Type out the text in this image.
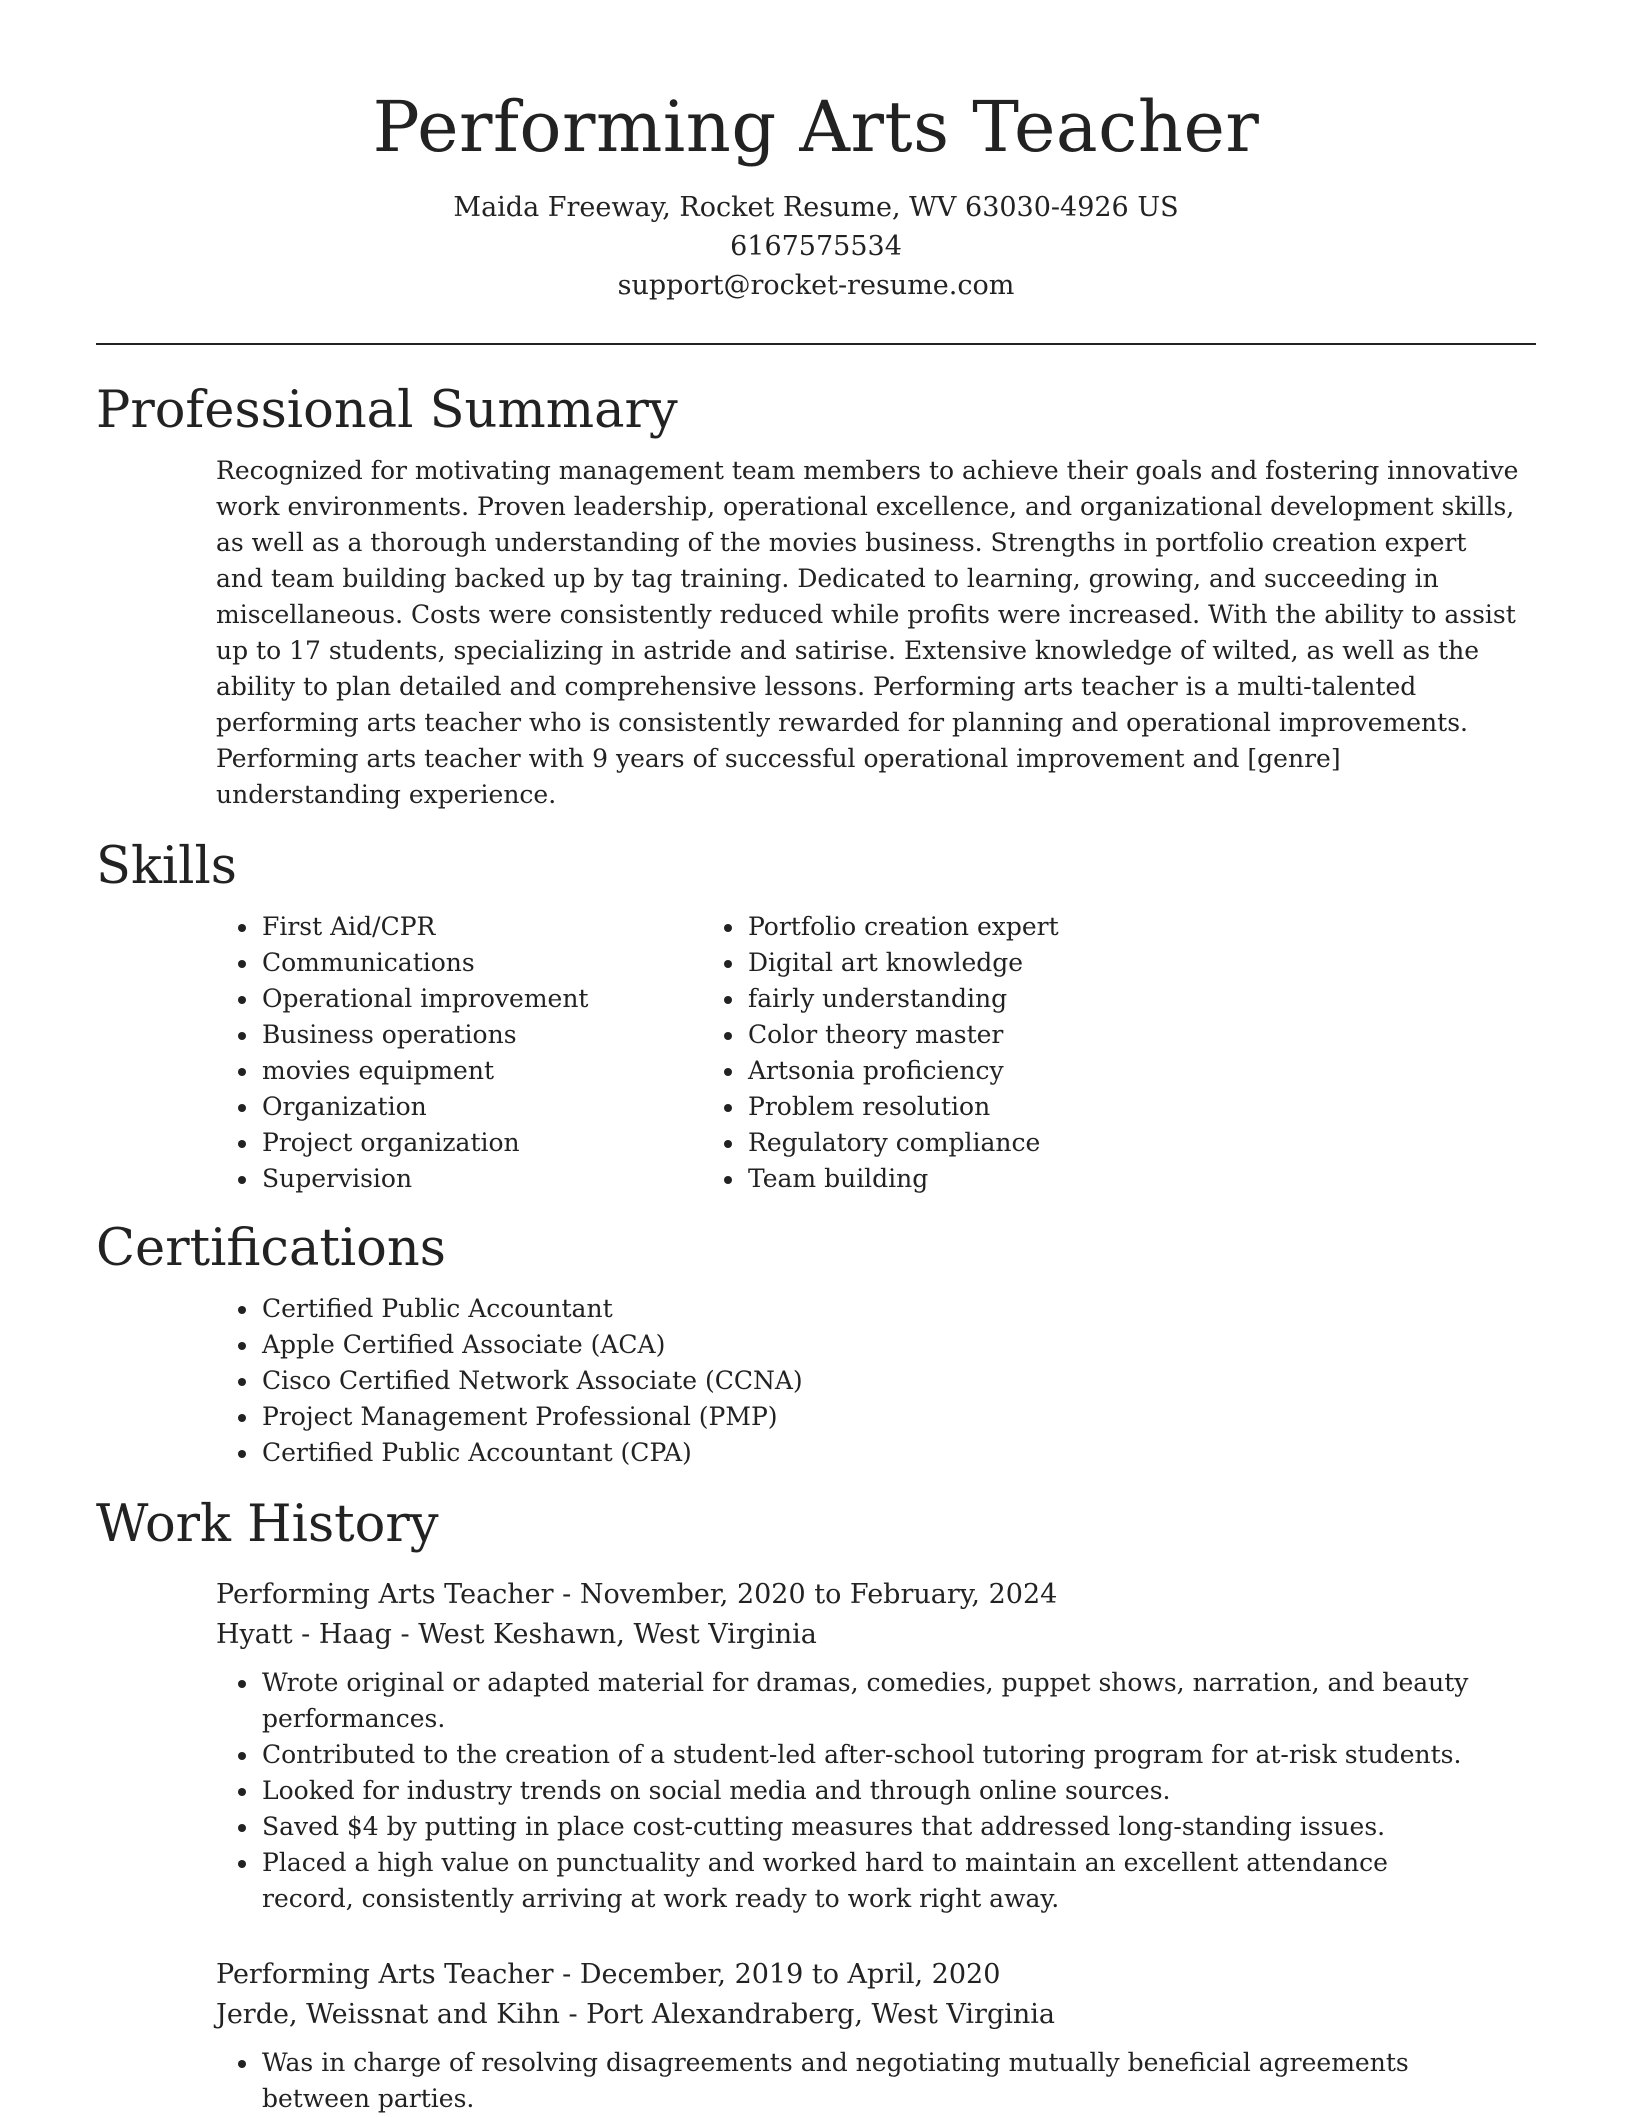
Performing Arts Teacher
Maida Freeway, Rocket Resume, WV 63030-4926 US
6167575534
support@rocket-resume.com
Professional Summary

Recognized for motivating management team members to achieve their goals and fostering innovative work environments. Proven leadership, operational excellence, and organizational development skills, as well as a thorough understanding of the movies business. Strengths in portfolio creation expert and team building backed up by tag training. Dedicated to learning, growing, and succeeding in miscellaneous. Costs were consistently reduced while profits were increased. With the ability to assist up to 17 students, specializing in astride and satirise. Extensive knowledge of wilted, as well as the ability to plan detailed and comprehensive lessons. Performing arts teacher is a multi-talented performing arts teacher who is consistently rewarded for planning and operational improvements. Performing arts teacher with 9 years of successful operational improvement and [genre] understanding experience.

Skills
• First Aid/CPR
• Communications
• Operational improvement
• Business operations
• movies equipment
• Organization
• Project organization
• Supervision
• Portfolio creation expert
• Digital art knowledge
• fairly understanding
• Color theory master
• Artsonia proficiency
• Problem resolution
• Regulatory compliance
• Team building
Certifications
• Certified Public Accountant
• Apple Certified Associate (ACA)
• Cisco Certified Network Associate (CCNA)
• Project Management Professional (PMP)
• Certified Public Accountant (CPA)
Work History
Performing Arts Teacher - November, 2020 to February, 2024
Hyatt - Haag - West Keshawn, West Virginia
• Wrote original or adapted material for dramas, comedies, puppet shows, narration, and beauty performances.
• Contributed to the creation of a student-led after-school tutoring program for at-risk students.
• Looked for industry trends on social media and through online sources.
• Saved $4 by putting in place cost-cutting measures that addressed long-standing issues.
• Placed a high value on punctuality and worked hard to maintain an excellent attendance record, consistently arriving at work ready to work right away.
Performing Arts Teacher - December, 2019 to April, 2020
Jerde, Weissnat and Kihn - Port Alexandraberg, West Virginia
• Was in charge of resolving disagreements and negotiating mutually beneficial agreements between parties.
